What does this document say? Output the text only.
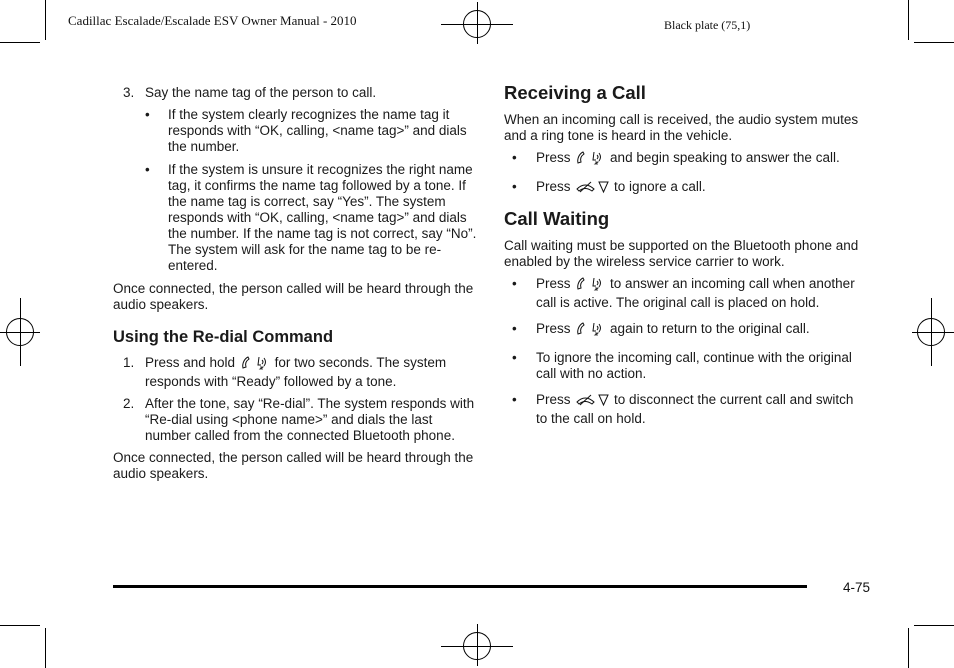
Cadillac Escalade/Escalade ESV Owner Manual - 2010	Black plate (75,1)
3. Say the name tag of the person to call.
• If the system clearly recognizes the name tag it responds with “OK, calling, <name tag>” and dials the number.
• If the system is unsure it recognizes the right name tag, it confirms the name tag followed by a tone. If the name tag is correct, say “Yes”. The system responds with “OK, calling, <name tag>” and dials the number. If the name tag is not correct, say “No”. The system will ask for the name tag to be re-entered.

Once connected, the person called will be heard through the audio speakers.

Using the Re-dial Command
1. Press and hold	for two seconds. The system responds with “Ready” followed by a tone.
2. After the tone, say “Re-dial”. The system responds with “Re-dial using <phone name>” and dials the last number called from the connected Bluetooth phone.

Once connected, the person called will be heard through the audio speakers.

Receiving a Call

When an incoming call is received, the audio system mutes and a ring tone is heard in the vehicle.

• Press	and begin speaking to answer the call.
• Press	to ignore a call.
Call Waiting

Call waiting must be supported on the Bluetooth phone and enabled by the wireless service carrier to work.

• Press	to answer an incoming call when another call is active. The original call is placed on hold.
• Press	again to return to the original call.
• To ignore the incoming call, continue with the original call with no action.
• Press	to disconnect the current call and switch to the call on hold.
4-75
